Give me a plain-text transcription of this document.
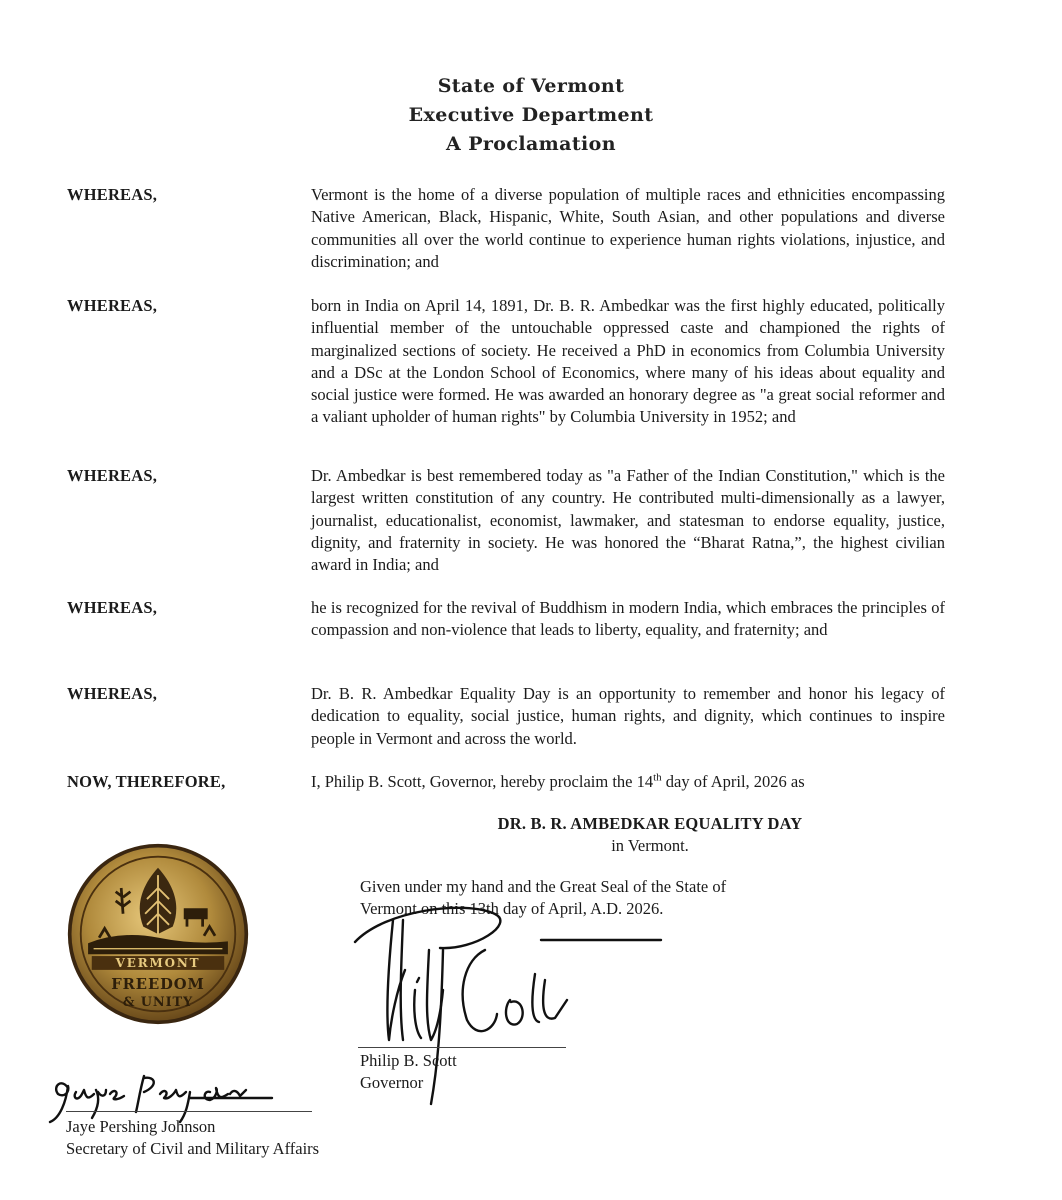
State of Vermont
Executive Department
A Proclamation
WHEREAS,	Vermont is the home of a diverse population of multiple races and ethnicities encompassing Native American, Black, Hispanic, White, South Asian, and other populations and diverse communities all over the world continue to experience human rights violations, injustice, and discrimination; and
WHEREAS,	born in India on April 14, 1891, Dr. B. R. Ambedkar was the first highly educated, politically influential member of the untouchable oppressed caste and championed the rights of marginalized sections of society. He received a PhD in economics from Columbia University and a DSc at the London School of Economics, where many of his ideas about equality and social justice were formed. He was awarded an honorary degree as "a great social reformer and a valiant upholder of human rights" by Columbia University in 1952; and
WHEREAS,	Dr. Ambedkar is best remembered today as "a Father of the Indian Constitution," which is the largest written constitution of any country. He contributed multi-dimensionally as a lawyer, journalist, educationalist, economist, lawmaker, and statesman to endorse equality, justice, dignity, and fraternity in society. He was honored the “Bharat Ratna,”, the highest civilian award in India; and
WHEREAS,	he is recognized for the revival of Buddhism in modern India, which embraces the principles of compassion and non-violence that leads to liberty, equality, and fraternity; and
WHEREAS,	Dr. B. R. Ambedkar Equality Day is an opportunity to remember and honor his legacy of dedication to equality, social justice, human rights, and dignity, which continues to inspire people in Vermont and across the world.
NOW, THEREFORE,	I, Philip B. Scott, Governor, hereby proclaim the 14th day of April, 2026 as
DR. B. R. AMBEDKAR EQUALITY DAY
in Vermont.
Given under my hand and the Great Seal of the State of
Vermont on this 13th day of April, A.D. 2026.
VERMONT
FREEDOM
& UNITY
Philip B. Scott
Governor
Jaye Pershing Johnson
Secretary of Civil and Military Affairs
